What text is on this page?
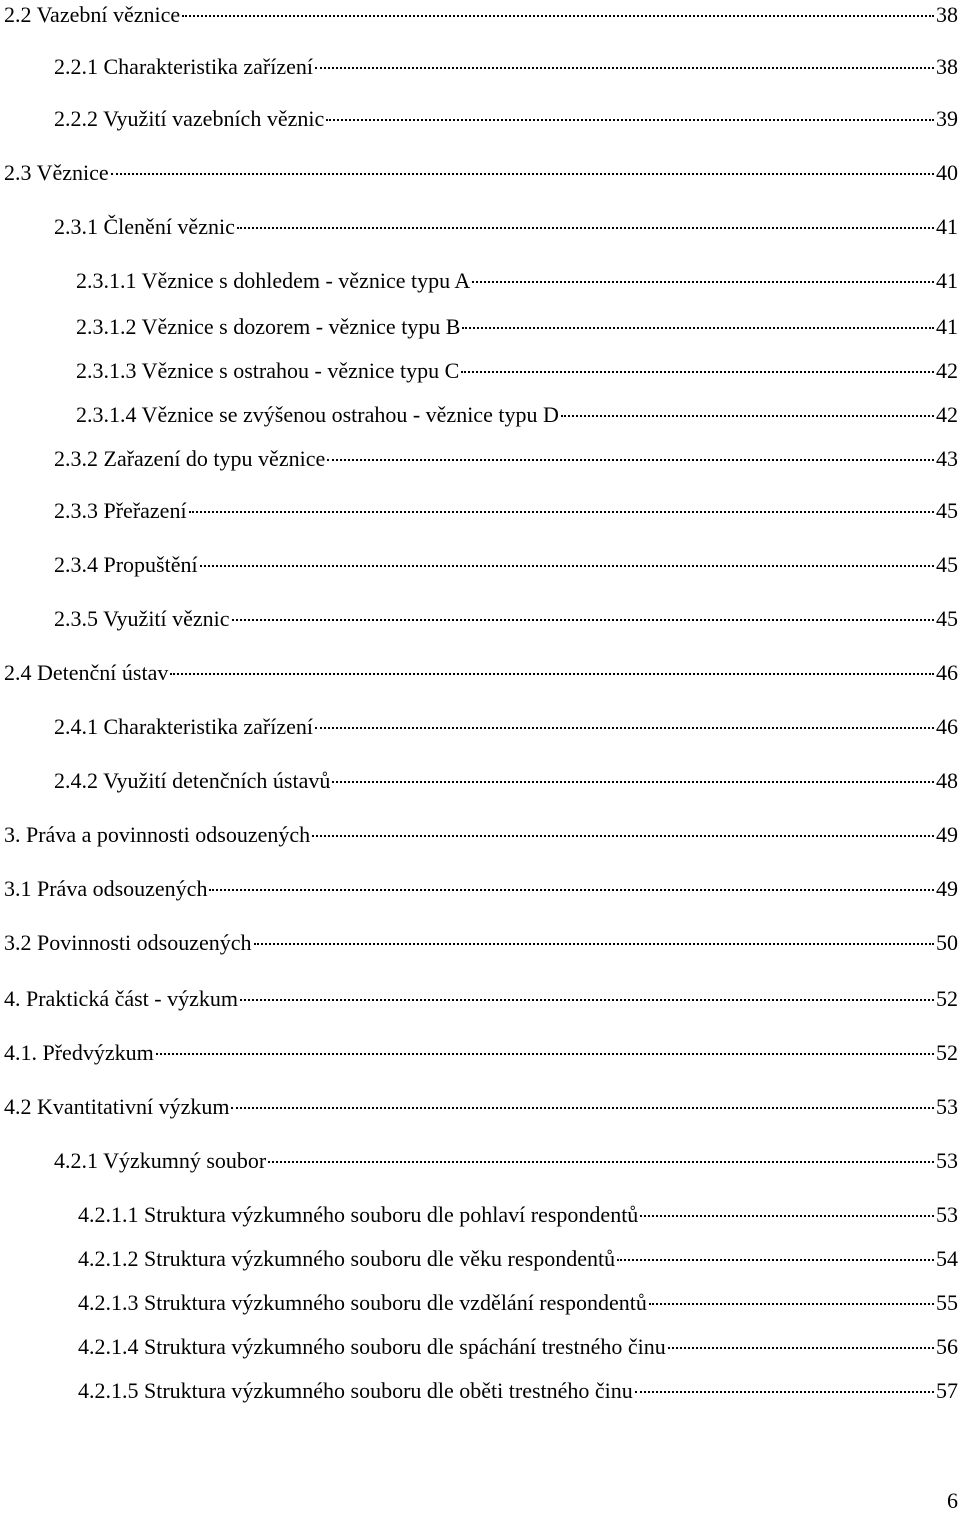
2.2 Vazební věznice	38
2.2.1 Charakteristika zařízení	38
2.2.2 Využití vazebních věznic	39
2.3 Věznice	40
2.3.1 Členění věznic	41
2.3.1.1 Věznice s dohledem - věznice typu A	41
2.3.1.2 Věznice s dozorem - věznice typu B	41
2.3.1.3 Věznice s ostrahou - věznice typu C	42
2.3.1.4 Věznice se zvýšenou ostrahou - věznice typu D	42
2.3.2 Zařazení do typu věznice	43
2.3.3 Přeřazení	45
2.3.4 Propuštění	45
2.3.5 Využití věznic	45
2.4 Detenční ústav	46
2.4.1 Charakteristika zařízení	46
2.4.2 Využití detenčních ústavů	48
3. Práva a povinnosti odsouzených	49
3.1 Práva odsouzených	49
3.2 Povinnosti odsouzených	50
4. Praktická část - výzkum	52
4.1. Předvýzkum	52
4.2 Kvantitativní výzkum	53
4.2.1 Výzkumný soubor	53
4.2.1.1 Struktura výzkumného souboru dle pohlaví respondentů	53
4.2.1.2 Struktura výzkumného souboru dle věku respondentů	54
4.2.1.3 Struktura výzkumného souboru dle vzdělání respondentů	55
4.2.1.4 Struktura výzkumného souboru dle spáchání trestného činu	56
4.2.1.5 Struktura výzkumného souboru dle oběti trestného činu	57
6
